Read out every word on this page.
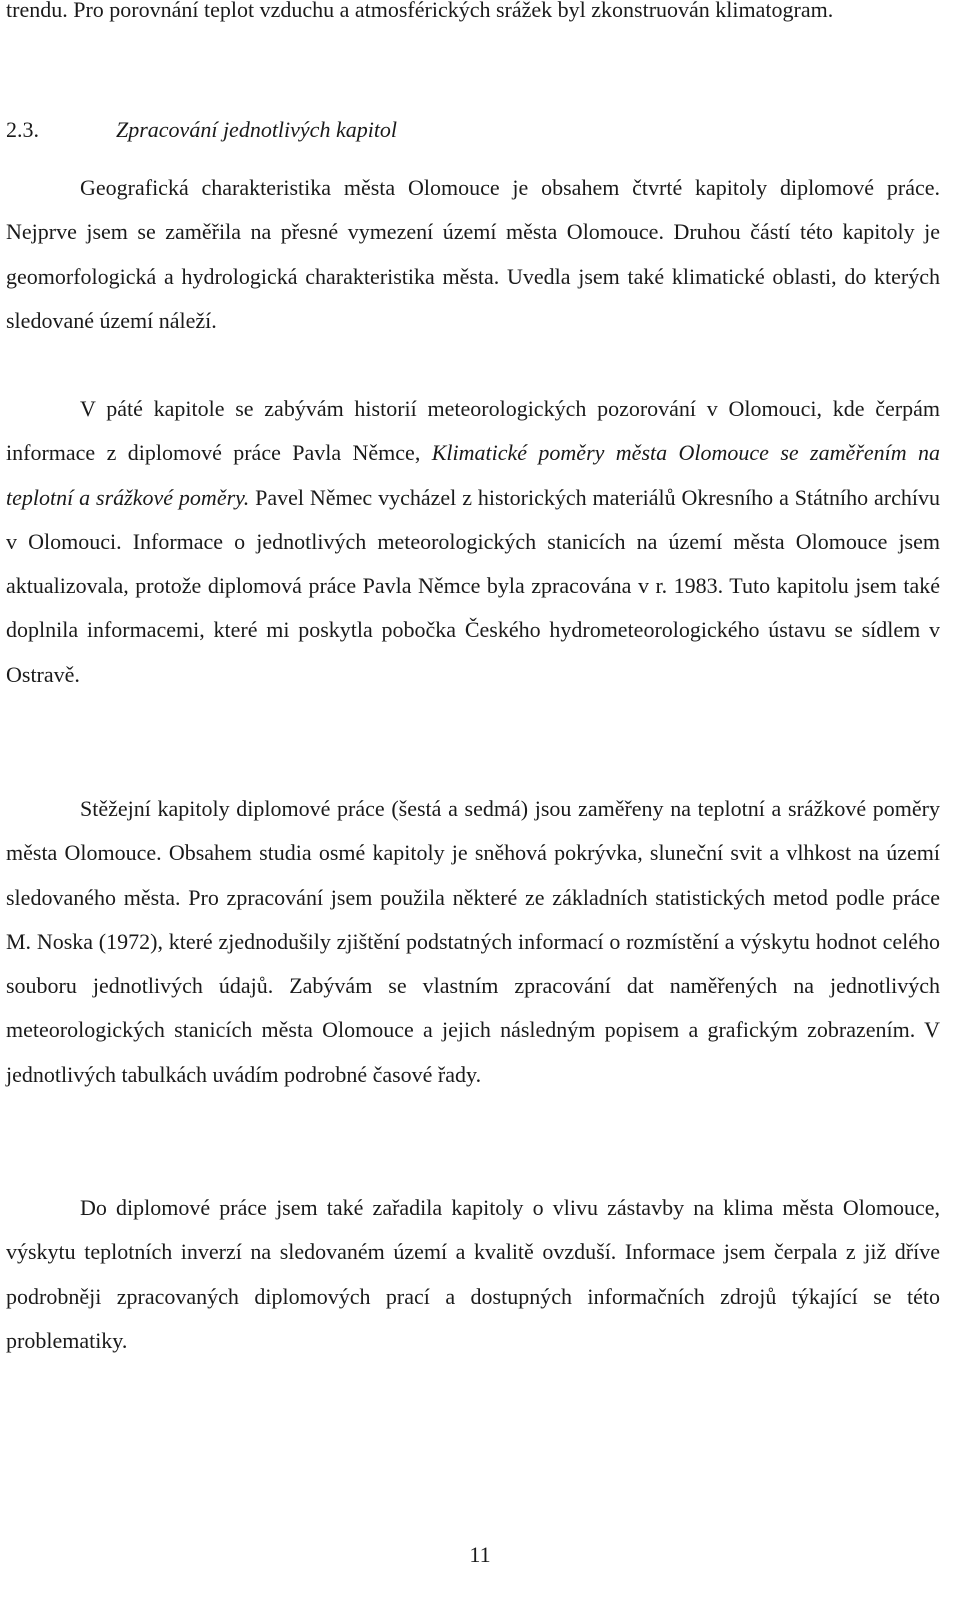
trendu. Pro porovnání teplot vzduchu a atmosférických srážek byl zkonstruován klimatogram.

2.3.	Zpracování jednotlivých kapitol

Geografická charakteristika města Olomouce je obsahem čtvrté kapitoly diplomové práce. Nejprve jsem se zaměřila na přesné vymezení území města Olomouce. Druhou částí této kapitoly je geomorfologická a hydrologická charakteristika města. Uvedla jsem také klimatické oblasti, do kterých sledované území náleží.

V páté kapitole se zabývám historií meteorologických pozorování v Olomouci, kde čerpám informace z diplomové práce Pavla Němce, Klimatické poměry města Olomouce se zaměřením na teplotní a srážkové poměry. Pavel Němec vycházel z historických materiálů Okresního a Státního archívu v Olomouci. Informace o jednotlivých meteorologických stanicích na území města Olomouce jsem aktualizovala, protože diplomová práce Pavla Němce byla zpracována v r. 1983. Tuto kapitolu jsem také doplnila informacemi, které mi poskytla pobočka Českého hydrometeorologického ústavu se sídlem v Ostravě.

Stěžejní kapitoly diplomové práce (šestá a sedmá) jsou zaměřeny na teplotní a srážkové poměry města Olomouce. Obsahem studia osmé kapitoly je sněhová pokrývka, sluneční svit a vlhkost na území sledovaného města. Pro zpracování jsem použila některé ze základních statistických metod podle práce M. Noska (1972), které zjednodušily zjištění podstatných informací o rozmístění a výskytu hodnot celého souboru jednotlivých údajů. Zabývám se vlastním zpracování dat naměřených na jednotlivých meteorologických stanicích města Olomouce a jejich následným popisem a grafickým zobrazením. V jednotlivých tabulkách uvádím podrobné časové řady.

Do diplomové práce jsem také zařadila kapitoly o vlivu zástavby na klima města Olomouce, výskytu teplotních inverzí na sledovaném území a kvalitě ovzduší. Informace jsem čerpala z již dříve podrobněji zpracovaných diplomových prací a dostupných informačních zdrojů týkající se této problematiky.

11
